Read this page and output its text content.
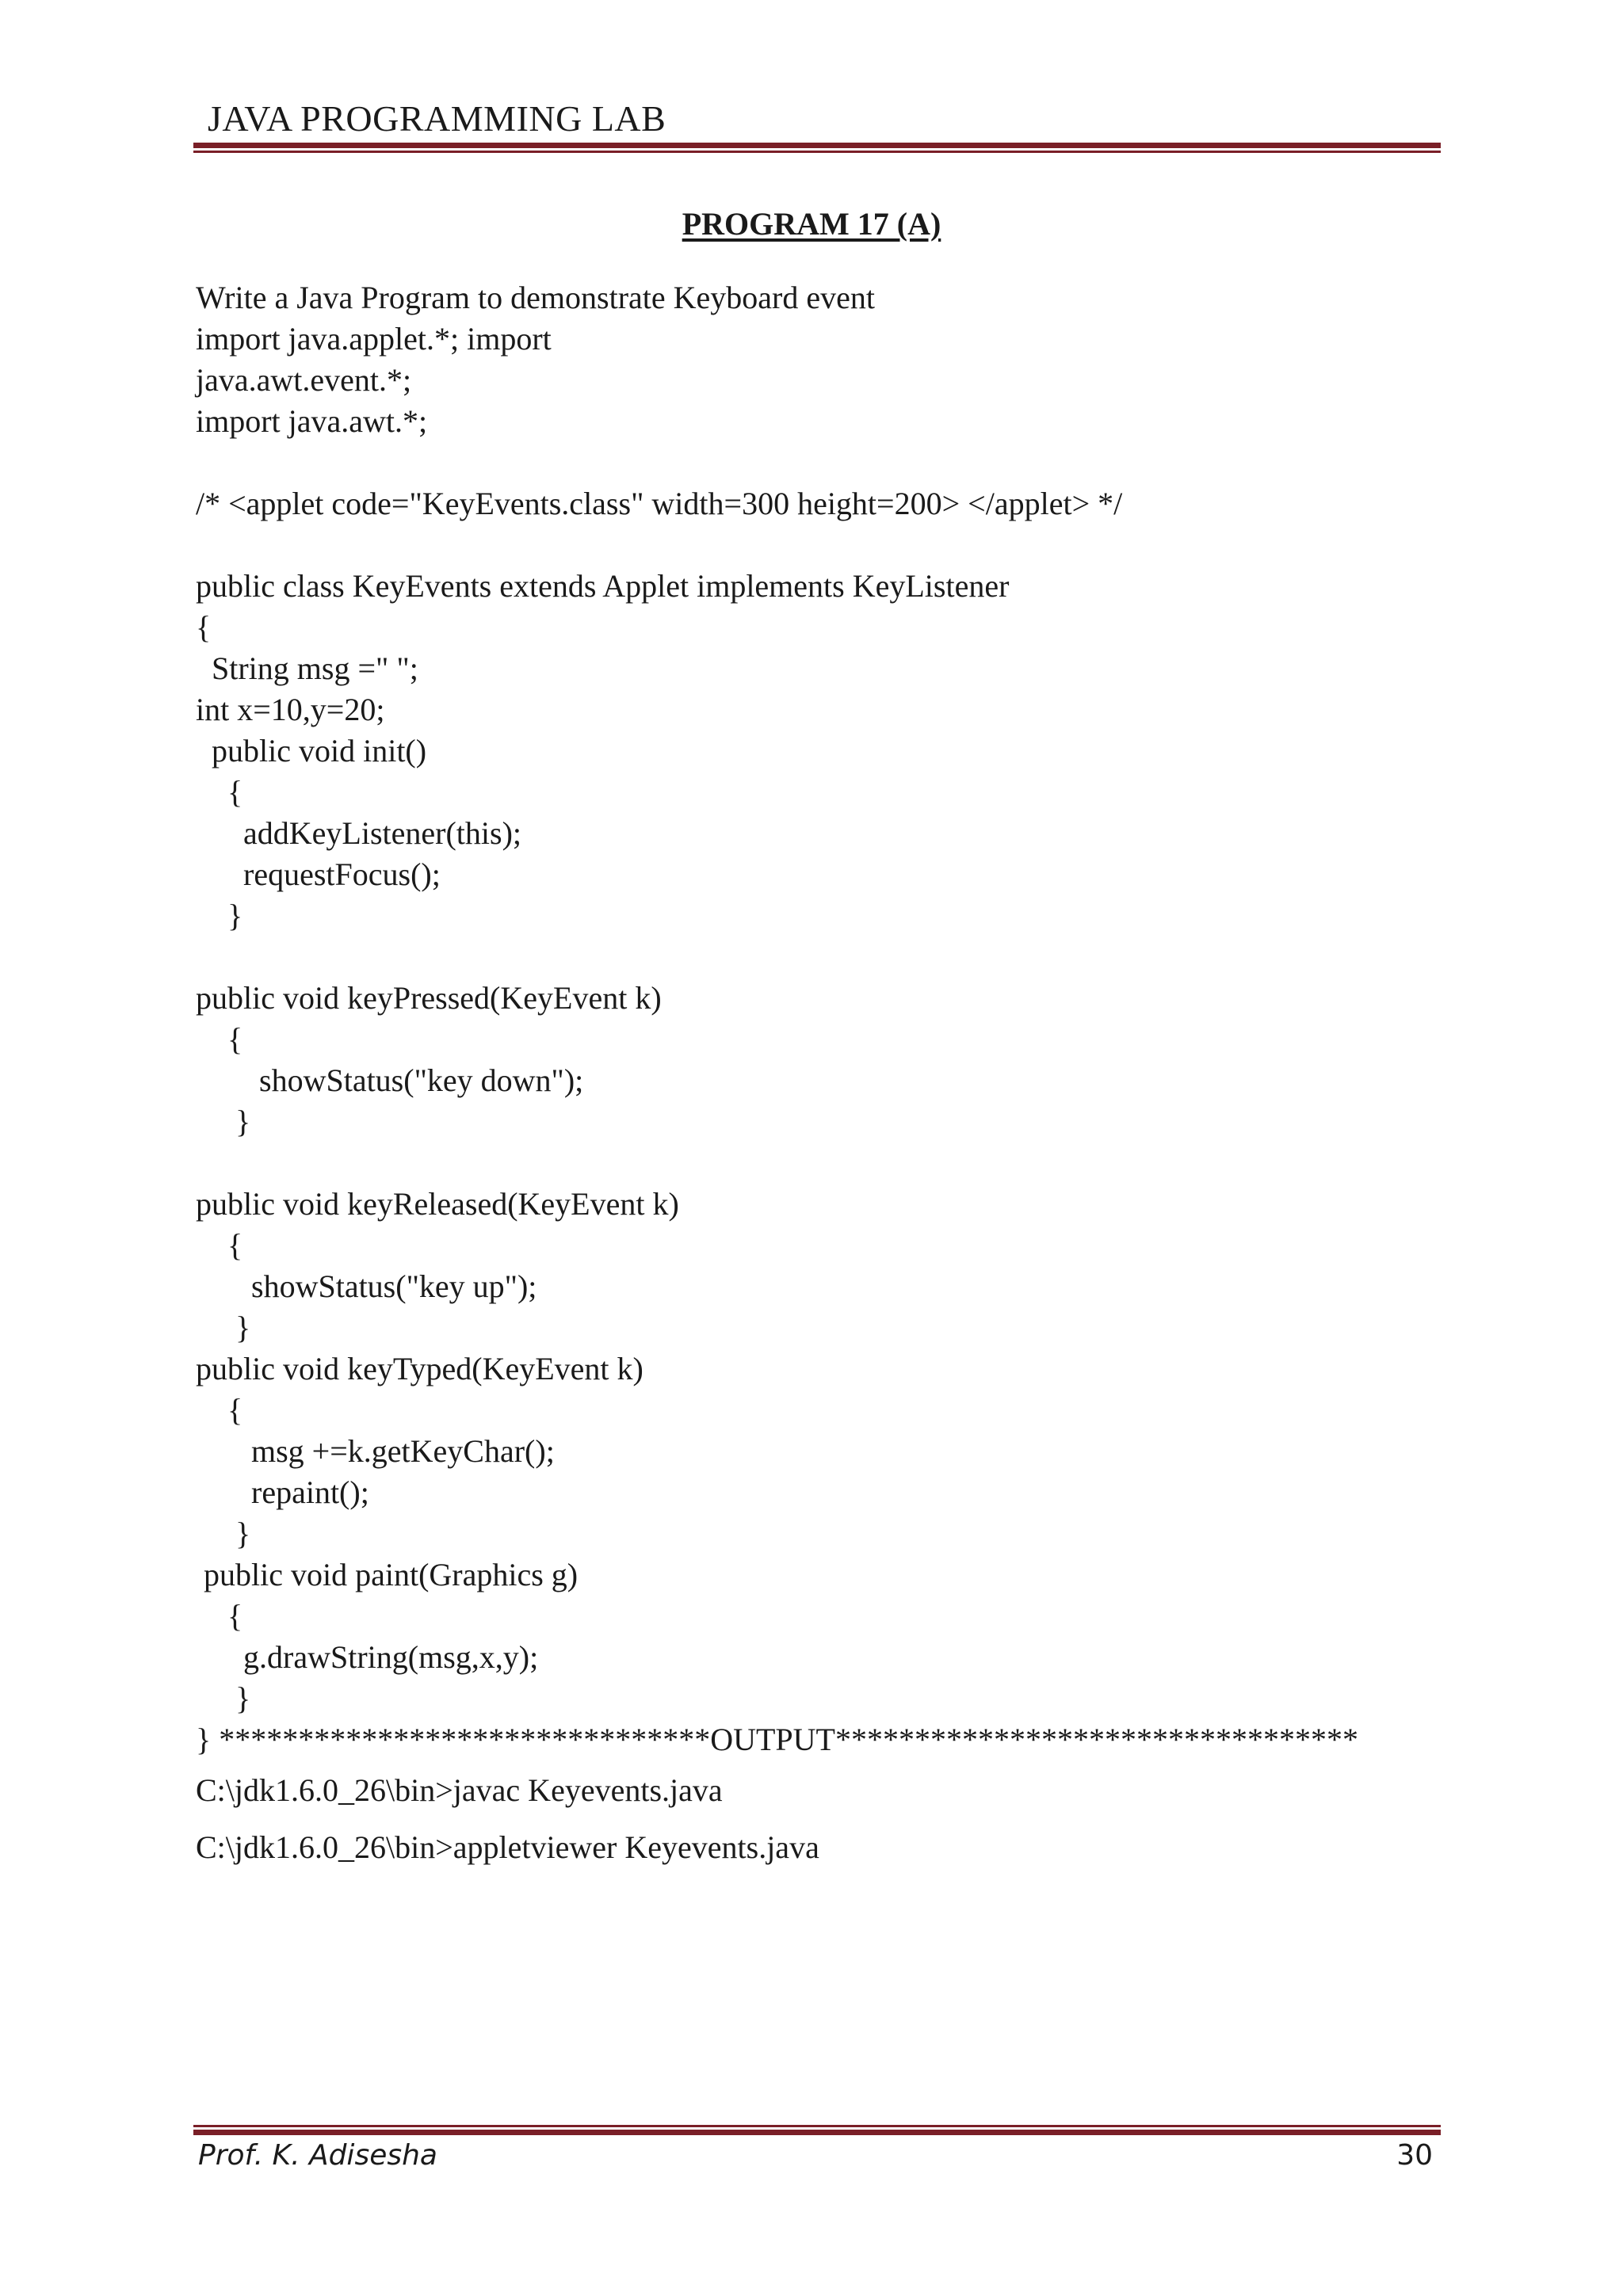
JAVA PROGRAMMING LAB
PROGRAM 17 (A)
Write a Java Program to demonstrate Keyboard event
import java.applet.*; import
java.awt.event.*;
import java.awt.*;
/* <applet code="KeyEvents.class" width=300 height=200> </applet> */
public class KeyEvents extends Applet implements KeyListener
{
String msg =" ";
int x=10,y=20;
public void init()
{
addKeyListener(this);
requestFocus();
}
public void keyPressed(KeyEvent k)
{
showStatus("key down");
}
public void keyReleased(KeyEvent k)
{
showStatus("key up");
}
public void keyTyped(KeyEvent k)
{
msg +=k.getKeyChar();
repaint();
}
public void paint(Graphics g)
{
g.drawString(msg,x,y);
}
} *******************************OUTPUT*********************************
C:\jdk1.6.0_26\bin>javac Keyevents.java
C:\jdk1.6.0_26\bin>appletviewer Keyevents.java
Prof. K. Adisesha	30
